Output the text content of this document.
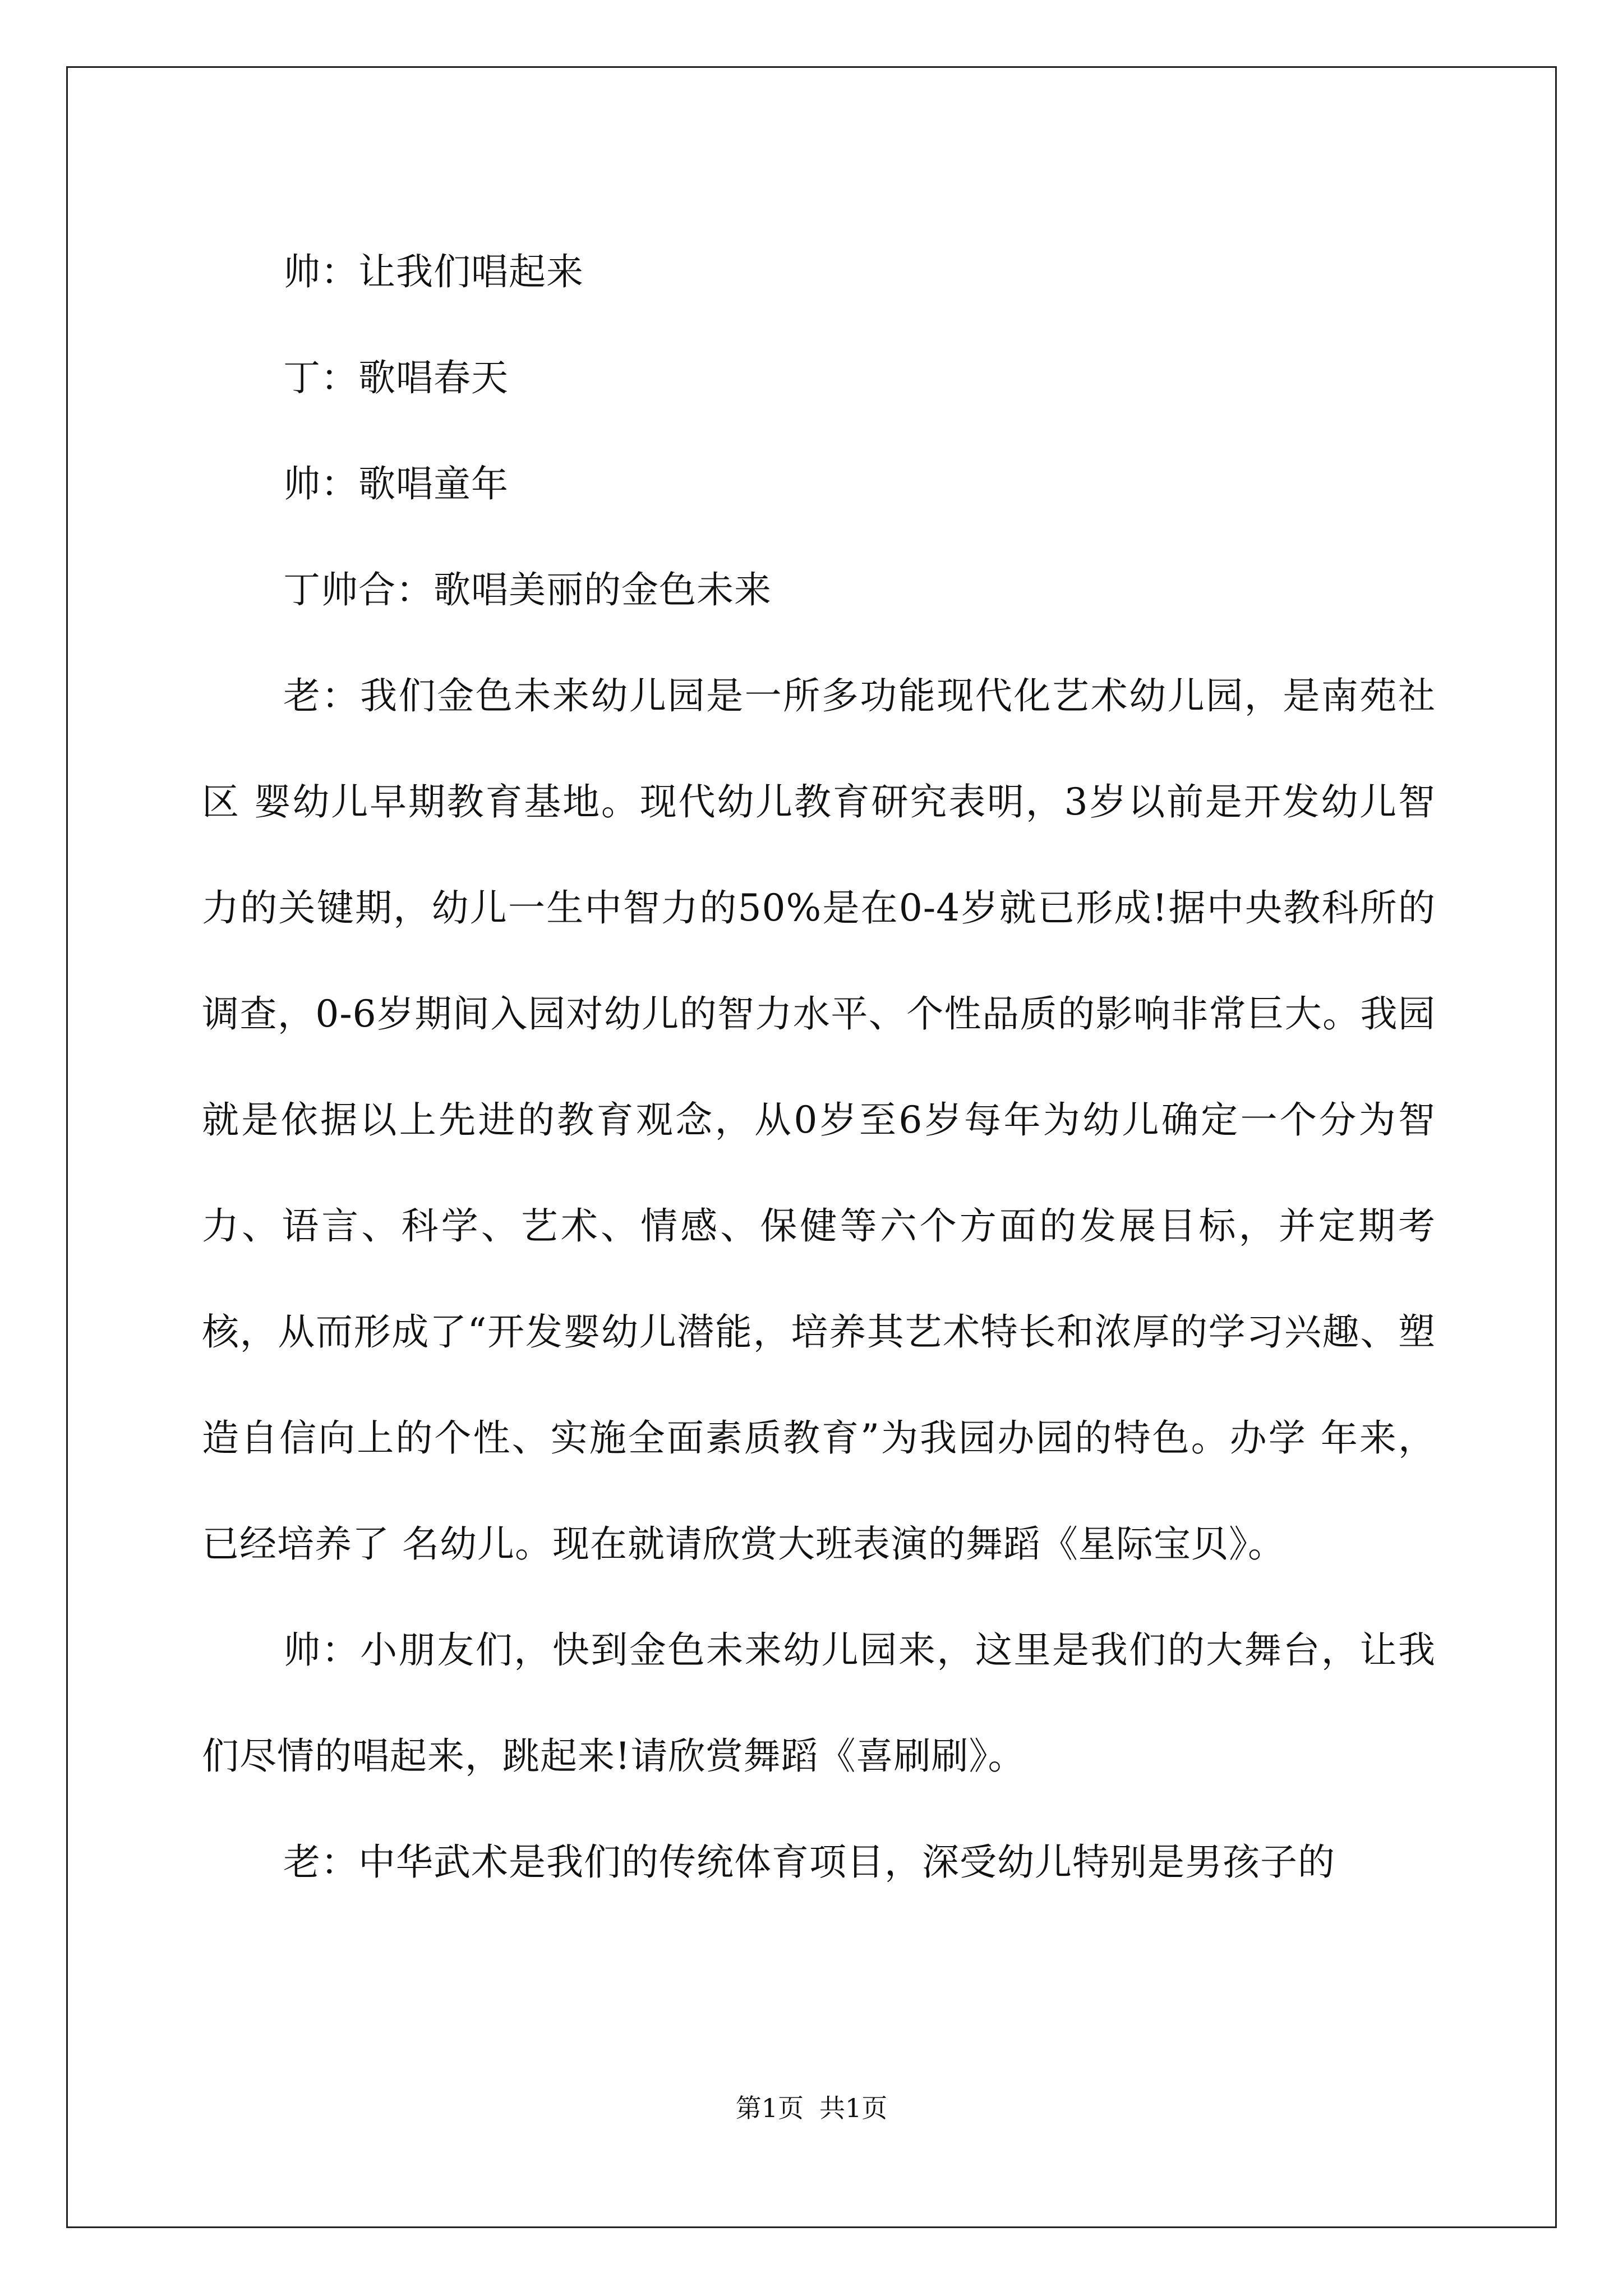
帅：让我们唱起来

丁：歌唱春天

帅：歌唱童年

丁帅合：歌唱美丽的金色未来

老：我们金色未来幼儿园是一所多功能现代化艺术幼儿园，是南苑社区 婴幼儿早期教育基地。现代幼儿教育研究表明，3岁以前是开发幼儿智力的关键期，幼儿一生中智力的50%是在0-4岁就已形成!据中央教科所的调查，0-6岁期间入园对幼儿的智力水平、个性品质的影响非常巨大。我园就是依据以上先进的教育观念，从0岁至6岁每年为幼儿确定一个分为智力、语言、科学、艺术、情感、保健等六个方面的发展目标，并定期考核，从而形成了“开发婴幼儿潜能，培养其艺术特长和浓厚的学习兴趣、塑造自信向上的个性、实施全面素质教育”为我园办园的特色。办学 年来，已经培养了 名幼儿。现在就请欣赏大班表演的舞蹈《星际宝贝》。

帅：小朋友们，快到金色未来幼儿园来，这里是我们的大舞台，让我们尽情的唱起来，跳起来!请欣赏舞蹈《喜刷刷》。

老：中华武术是我们的传统体育项目，深受幼儿特别是男孩子的

第1页 共1页
